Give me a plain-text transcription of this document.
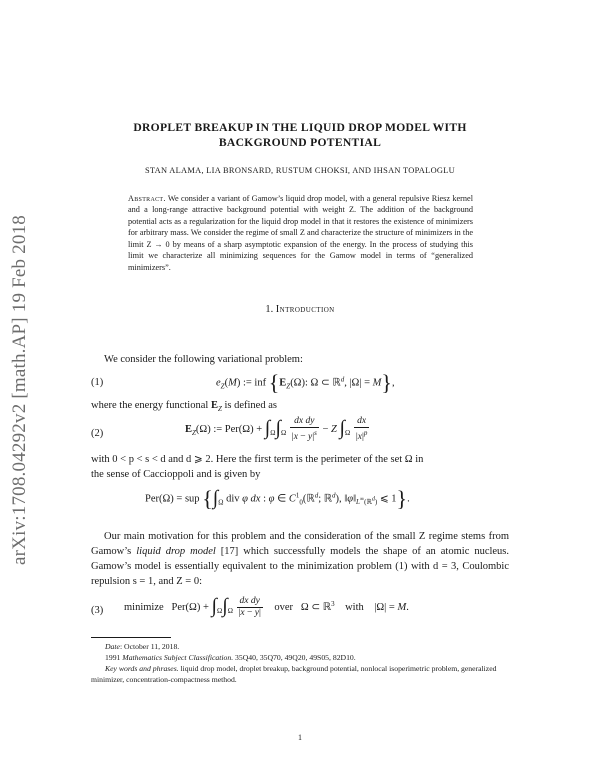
arXiv:1708.04292v2 [math.AP] 19 Feb 2018
DROPLET BREAKUP IN THE LIQUID DROP MODEL WITH
BACKGROUND POTENTIAL
STAN ALAMA, LIA BRONSARD, RUSTUM CHOKSI, AND IHSAN TOPALOGLU
Abstract. We consider a variant of Gamow’s liquid drop model, with a general repulsive Riesz kernel and a long-range attractive background potential with weight Z. The addition of the background potential acts as a regularization for the liquid drop model in that it restores the existence of minimizers for arbitrary mass. We consider the regime of small Z and characterize the structure of minimizers in the limit Z → 0 by means of a sharp asymptotic expansion of the energy. In the process of studying this limit we characterize all minimizing sequences for the Gamow model in terms of “generalized minimizers”.
1. Introduction
We consider the following variational problem:
(1)	$e_Z(M)$ := inf {$E_Z(\Omega)$: Ω ⊂ ℝ$^d$, |Ω| = M},
where the energy functional $E_Z$ is defined as
(2)	$E_Z(\Omega)$ := $Per(\Omega) + \int_\Omega\int_\Omega \frac{\text{dx dy}}{|x - y|^s} - Z$ $\int_\Omega \frac{dx}{|x|^p}$
with 0 < p < s < d and d ⩾ 2. Here the first term is the perimeter of the set Ω in
the sense of Caccioppoli and is given by
Per(Ω) = sup {$\int_\Omega$ div φ dx : φ ∈ $C^1_0(ℝ^d$; ℝ$^d$), $‖\varphi‖_{L^\infty(ℝ^d)}$ ⩽ 1}.
Our main motivation for this problem and the consideration of the small Z regime stems from Gamow’s liquid drop model [17] which successfully models the shape of an atomic nucleus. Gamow’s model is essentially equivalent to the minimization problem (1) with d = 3, Coulombic repulsion s = 1, and Z = 0:
(3) minimize   $Per(\Omega) + \int_\Omega\int_\Omega \frac{\text{dx dy}}{|x - y|}$ over   Ω ⊂ ℝ$^3$ with    |Ω| = M.
Date: October 11, 2018.
1991 Mathematics Subject Classification. 35Q40, 35Q70, 49Q20, 49S05, 82D10.
Key words and phrases. liquid drop model, droplet breakup, background potential, nonlocal isoperimetric problem, generalized minimizer, concentration-compactness method.
1
